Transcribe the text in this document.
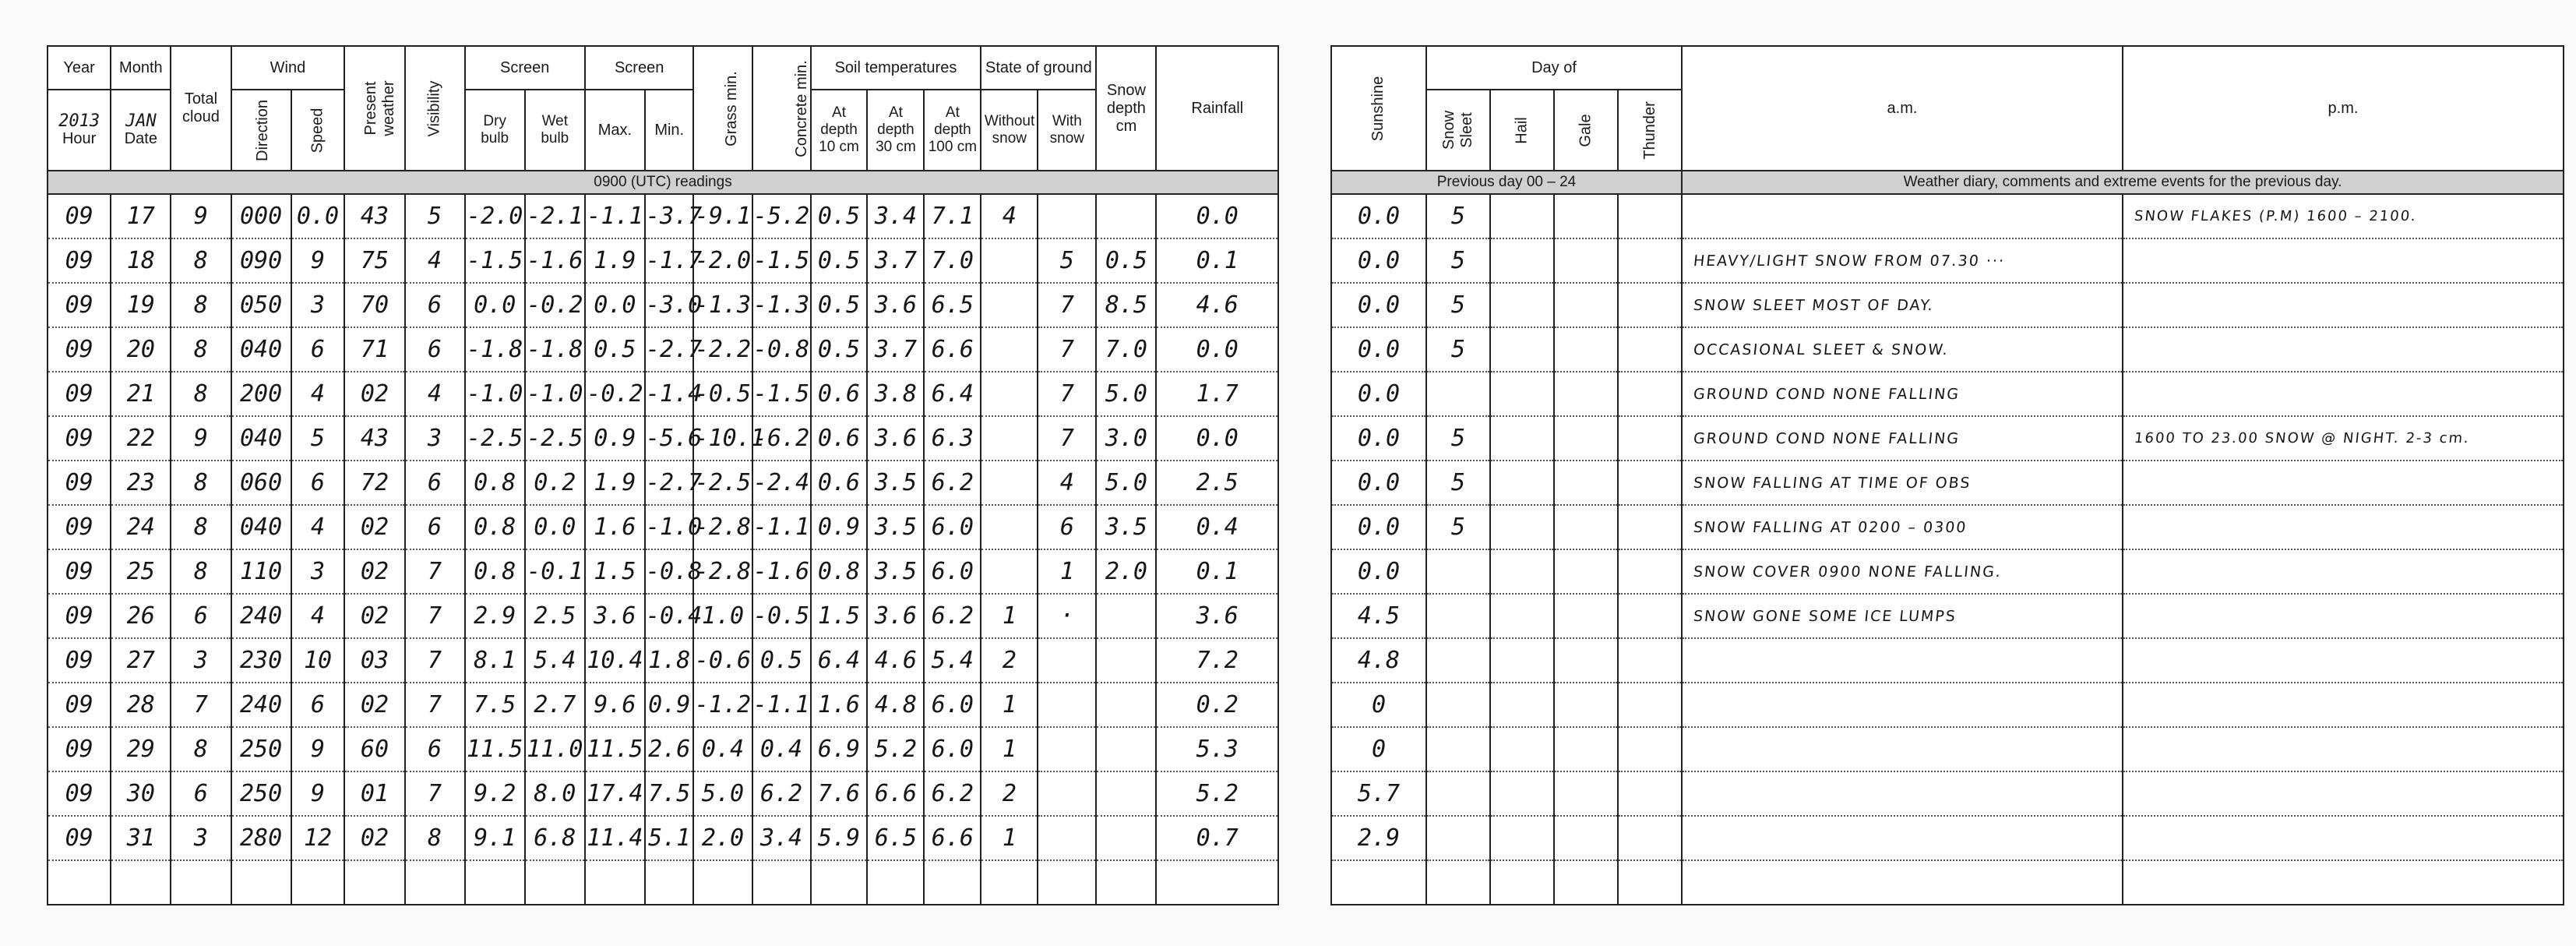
Year	Month	Total cloud	Wind		Present weather	Visibility	Screen		Screen		Grass min.	Concrete min.	Soil temperatures			State of ground		Snow depth cm	Rainfall

2013
Hour	JAN
Date		Direction	Speed			Dry bulb	Wet bulb	Max.	Min.			At depth 10 cm	At depth 30 cm	At depth 100 cm	Without snow	With snow		

0900 (UTC) readings																			
09	17	9	000	0.0	43	5	-2.0	-2.1	-1.1	-3.7	-9.1	-5.2	0.5	3.4	7.1	4			0.0
09	18	8	090	9	75	4	-1.5	-1.6	1.9	-1.7	-2.0	-1.5	0.5	3.7	7.0		5	0.5	0.1
09	19	8	050	3	70	6	0.0	-0.2	0.0	-3.0	-1.3	-1.3	0.5	3.6	6.5		7	8.5	4.6
09	20	8	040	6	71	6	-1.8	-1.8	0.5	-2.7	-2.2	-0.8	0.5	3.7	6.6		7	7.0	0.0
09	21	8	200	4	02	4	-1.0	-1.0	-0.2	-1.4	-0.5	-1.5	0.6	3.8	6.4		7	5.0	1.7
09	22	9	040	5	43	3	-2.5	-2.5	0.9	-5.6	-10.1	-6.2	0.6	3.6	6.3		7	3.0	0.0
09	23	8	060	6	72	6	0.8	0.2	1.9	-2.7	-2.5	-2.4	0.6	3.5	6.2		4	5.0	2.5
09	24	8	040	4	02	6	0.8	0.0	1.6	-1.0	-2.8	-1.1	0.9	3.5	6.0		6	3.5	0.4
09	25	8	110	3	02	7	0.8	-0.1	1.5	-0.8	-2.8	-1.6	0.8	3.5	6.0		1	2.0	0.1
09	26	6	240	4	02	7	2.9	2.5	3.6	-0.4	1.0	-0.5	1.5	3.6	6.2	1	·		3.6
09	27	3	230	10	03	7	8.1	5.4	10.4	1.8	-0.6	0.5	6.4	4.6	5.4	2			7.2
09	28	7	240	6	02	7	7.5	2.7	9.6	0.9	-1.2	-1.1	1.6	4.8	6.0	1			0.2
09	29	8	250	9	60	6	11.5	11.0	11.5	2.6	0.4	0.4	6.9	5.2	6.0	1			5.3
09	30	6	250	9	01	7	9.2	8.0	17.4	7.5	5.0	6.2	7.6	6.6	6.2	2			5.2
09	31	3	280	12	02	8	9.1	6.8	11.4	5.1	2.0	3.4	5.9	6.5	6.6	1			0.7

Sunshine	Day of				a.m.	p.m.
	Snow Sleet	Hail	Gale	Thunder		
Previous day 00 – 24					Weather diary, comments and extreme events for the previous day.	
0.0	5					SNOW FLAKES (P.M) 1600 – 2100.
0.0	5				HEAVY/LIGHT SNOW FROM 07.30 ···	
0.0	5				SNOW SLEET MOST OF DAY.	
0.0	5				OCCASIONAL SLEET & SNOW.	
0.0					GROUND COND NONE FALLING	
0.0	5				GROUND COND NONE FALLING	1600 TO 23.00 SNOW @ NIGHT. 2-3 cm.
0.0	5				SNOW FALLING AT TIME OF OBS	
0.0	5				SNOW FALLING AT 0200 – 0300	
0.0					SNOW COVER 0900 NONE FALLING.	
4.5					SNOW GONE SOME ICE LUMPS	
4.8						
0						
0						
5.7						
2.9						
